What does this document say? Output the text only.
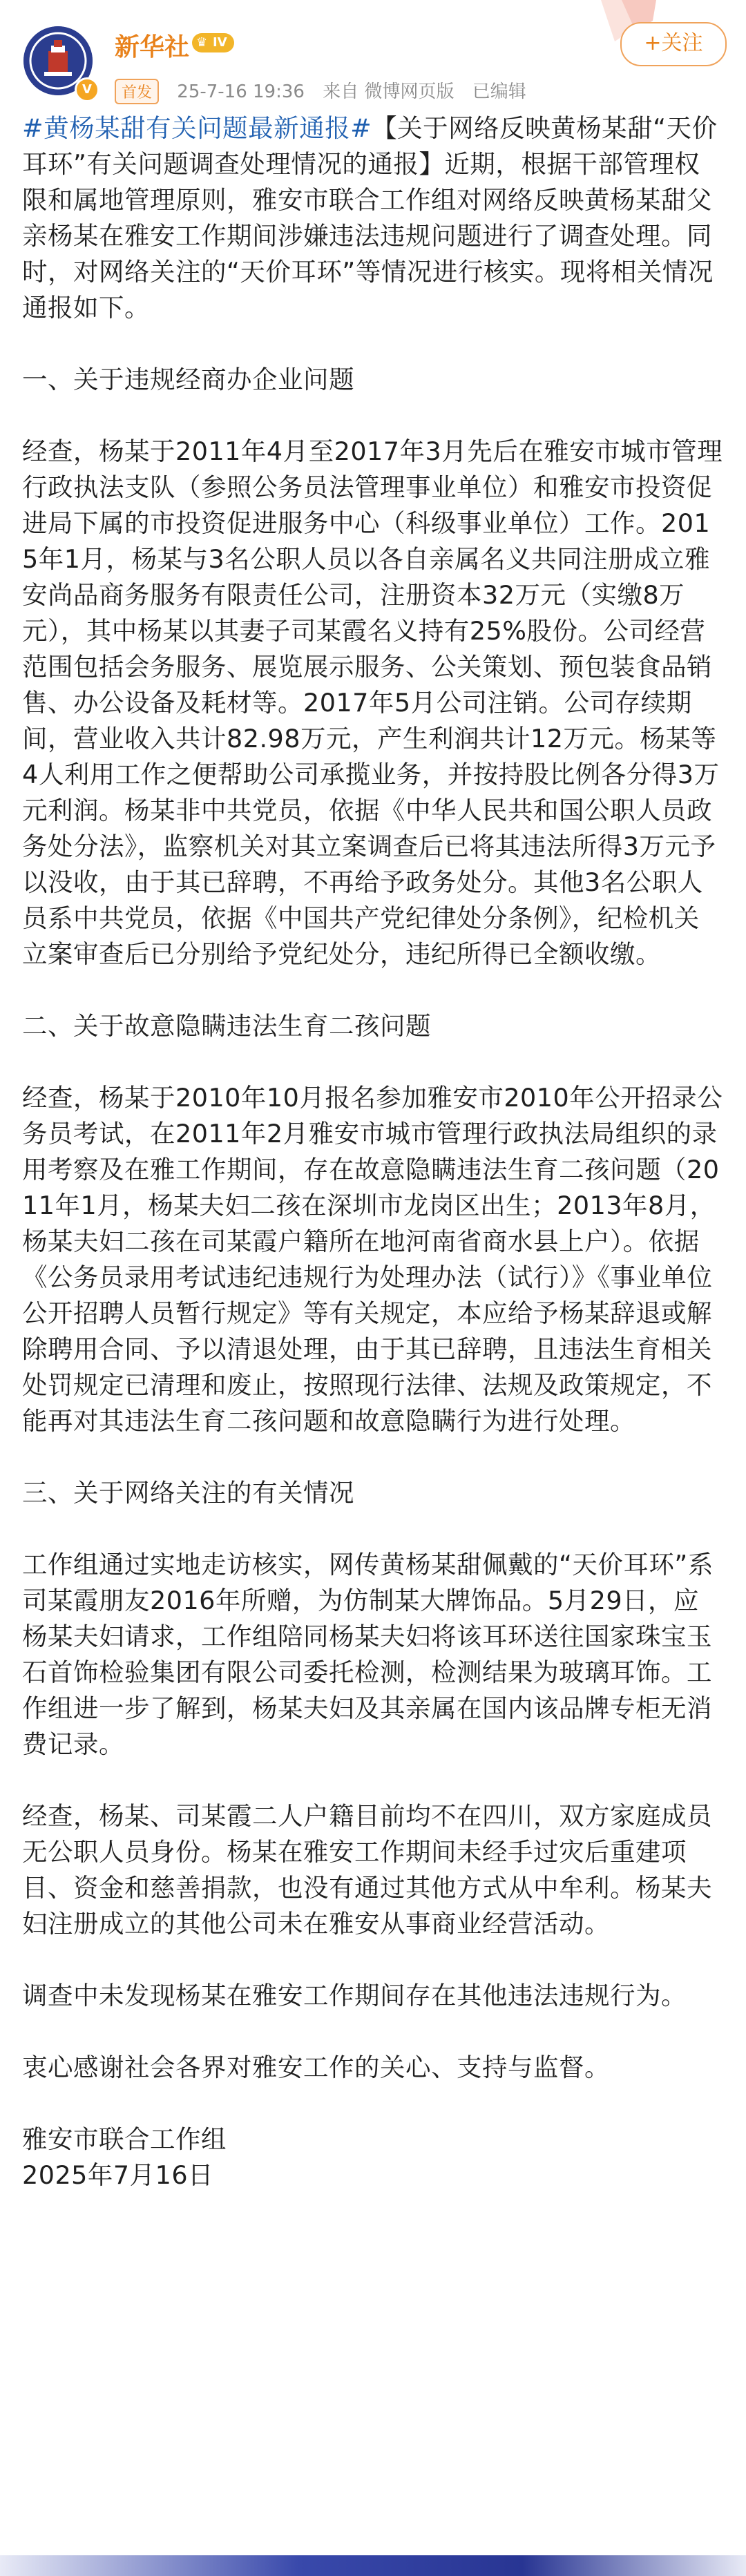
V
新华社 ♛ IV
首发 25-7-16 19:36 来自 微博网页版 已编辑
+关注

#黄杨某甜有关问题最新通报#【关于网络反映黄杨某甜“天价耳环”有关问题调查处理情况的通报】近期，根据干部管理权限和属地管理原则，雅安市联合工作组对网络反映黄杨某甜父亲杨某在雅安工作期间涉嫌违法违规问题进行了调查处理。同时，对网络关注的“天价耳环”等情况进行核实。现将相关情况通报如下。

一、关于违规经商办企业问题

经查，杨某于2011年4月至2017年3月先后在雅安市城市管理行政执法支队（参照公务员法管理事业单位）和雅安市投资促进局下属的市投资促进服务中心（科级事业单位）工作。2015年1月，杨某与3名公职人员以各自亲属名义共同注册成立雅安尚品商务服务有限责任公司，注册资本32万元（实缴8万元），其中杨某以其妻子司某霞名义持有25%股份。公司经营范围包括会务服务、展览展示服务、公关策划、预包装食品销售、办公设备及耗材等。2017年5月公司注销。公司存续期间，营业收入共计82.98万元，产生利润共计12万元。杨某等4人利用工作之便帮助公司承揽业务，并按持股比例各分得3万元利润。杨某非中共党员，依据《中华人民共和国公职人员政务处分法》，监察机关对其立案调查后已将其违法所得3万元予以没收，由于其已辞聘，不再给予政务处分。其他3名公职人员系中共党员，依据《中国共产党纪律处分条例》，纪检机关立案审查后已分别给予党纪处分，违纪所得已全额收缴。

二、关于故意隐瞒违法生育二孩问题

经查，杨某于2010年10月报名参加雅安市2010年公开招录公务员考试，在2011年2月雅安市城市管理行政执法局组织的录用考察及在雅工作期间，存在故意隐瞒违法生育二孩问题（2011年1月，杨某夫妇二孩在深圳市龙岗区出生；2013年8月，杨某夫妇二孩在司某霞户籍所在地河南省商水县上户）。依据《公务员录用考试违纪违规行为处理办法（试行）》《事业单位公开招聘人员暂行规定》等有关规定，本应给予杨某辞退或解除聘用合同、予以清退处理，由于其已辞聘，且违法生育相关处罚规定已清理和废止，按照现行法律、法规及政策规定，不能再对其违法生育二孩问题和故意隐瞒行为进行处理。

三、关于网络关注的有关情况

工作组通过实地走访核实，网传黄杨某甜佩戴的“天价耳环”系司某霞朋友2016年所赠，为仿制某大牌饰品。5月29日，应杨某夫妇请求，工作组陪同杨某夫妇将该耳环送往国家珠宝玉石首饰检验集团有限公司委托检测，检测结果为玻璃耳饰。工作组进一步了解到，杨某夫妇及其亲属在国内该品牌专柜无消费记录。

经查，杨某、司某霞二人户籍目前均不在四川，双方家庭成员无公职人员身份。杨某在雅安工作期间未经手过灾后重建项目、资金和慈善捐款，也没有通过其他方式从中牟利。杨某夫妇注册成立的其他公司未在雅安从事商业经营活动。

调查中未发现杨某在雅安工作期间存在其他违法违规行为。

衷心感谢社会各界对雅安工作的关心、支持与监督。

雅安市联合工作组
2025年7月16日
